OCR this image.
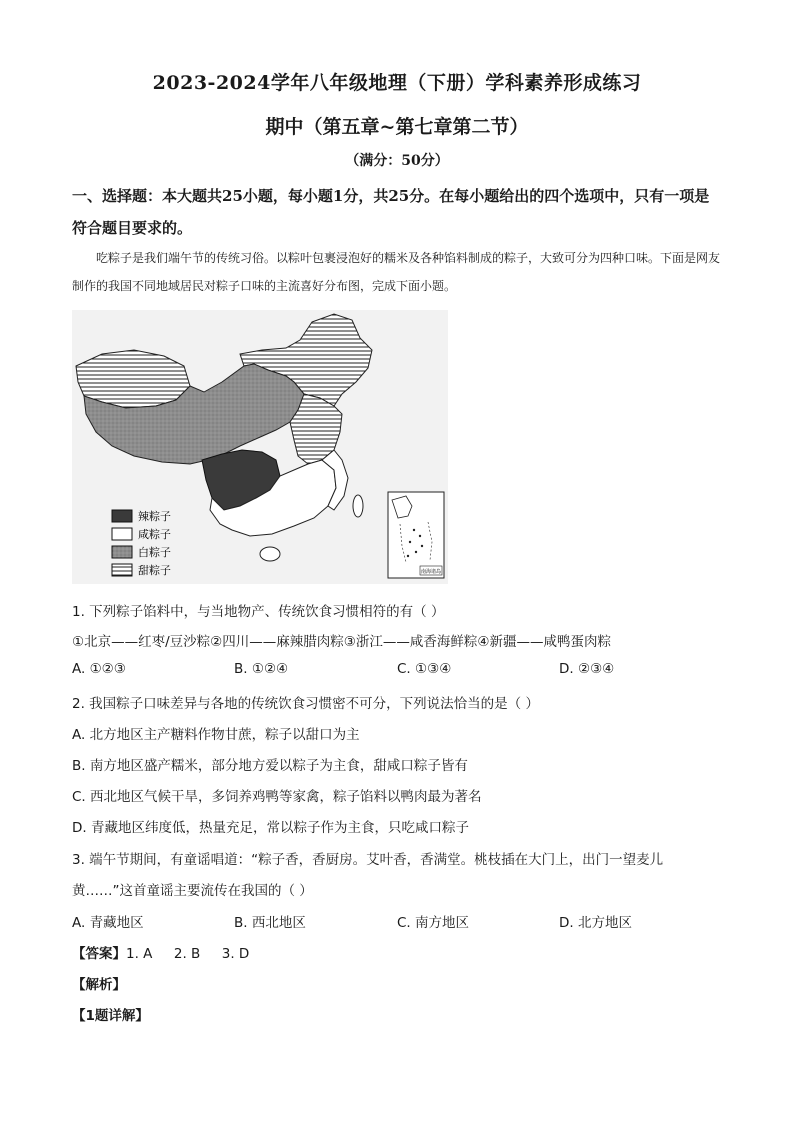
2023-2024学年八年级地理（下册）学科素养形成练习
期中（第五章~第七章第二节）
（满分：50分）
一、选择题：本大题共25小题，每小题1分，共25分。在每小题给出的四个选项中，只有一项是符合题目要求的。
吃粽子是我们端午节的传统习俗。以粽叶包裹浸泡好的糯米及各种馅料制成的粽子，大致可分为四种口味。下面是网友制作的我国不同地域居民对粽子口味的主流喜好分布图，完成下面小题。
辣粽子
咸粽子
白粽子
甜粽子	南海诸岛
1. 下列粽子馅料中，与当地物产、传统饮食习惯相符的有（ ）
①北京——红枣/豆沙粽②四川——麻辣腊肉粽③浙江——咸香海鲜粽④新疆——咸鸭蛋肉粽
A. ①②③	B. ①②④	C. ①③④	D. ②③④
2. 我国粽子口味差异与各地的传统饮食习惯密不可分，下列说法恰当的是（ ）
A. 北方地区主产糖料作物甘蔗，粽子以甜口为主
B. 南方地区盛产糯米，部分地方爱以粽子为主食，甜咸口粽子皆有
C. 西北地区气候干旱，多饲养鸡鸭等家禽，粽子馅料以鸭肉最为著名
D. 青藏地区纬度低，热量充足，常以粽子作为主食，只吃咸口粽子
3. 端午节期间，有童谣唱道：“粽子香，香厨房。艾叶香，香满堂。桃枝插在大门上，出门一望麦儿
黄……”这首童谣主要流传在我国的（ ）
A. 青藏地区	B. 西北地区	C. 南方地区	D. 北方地区
【答案】1. A     2. B     3. D
【解析】
【1题详解】
